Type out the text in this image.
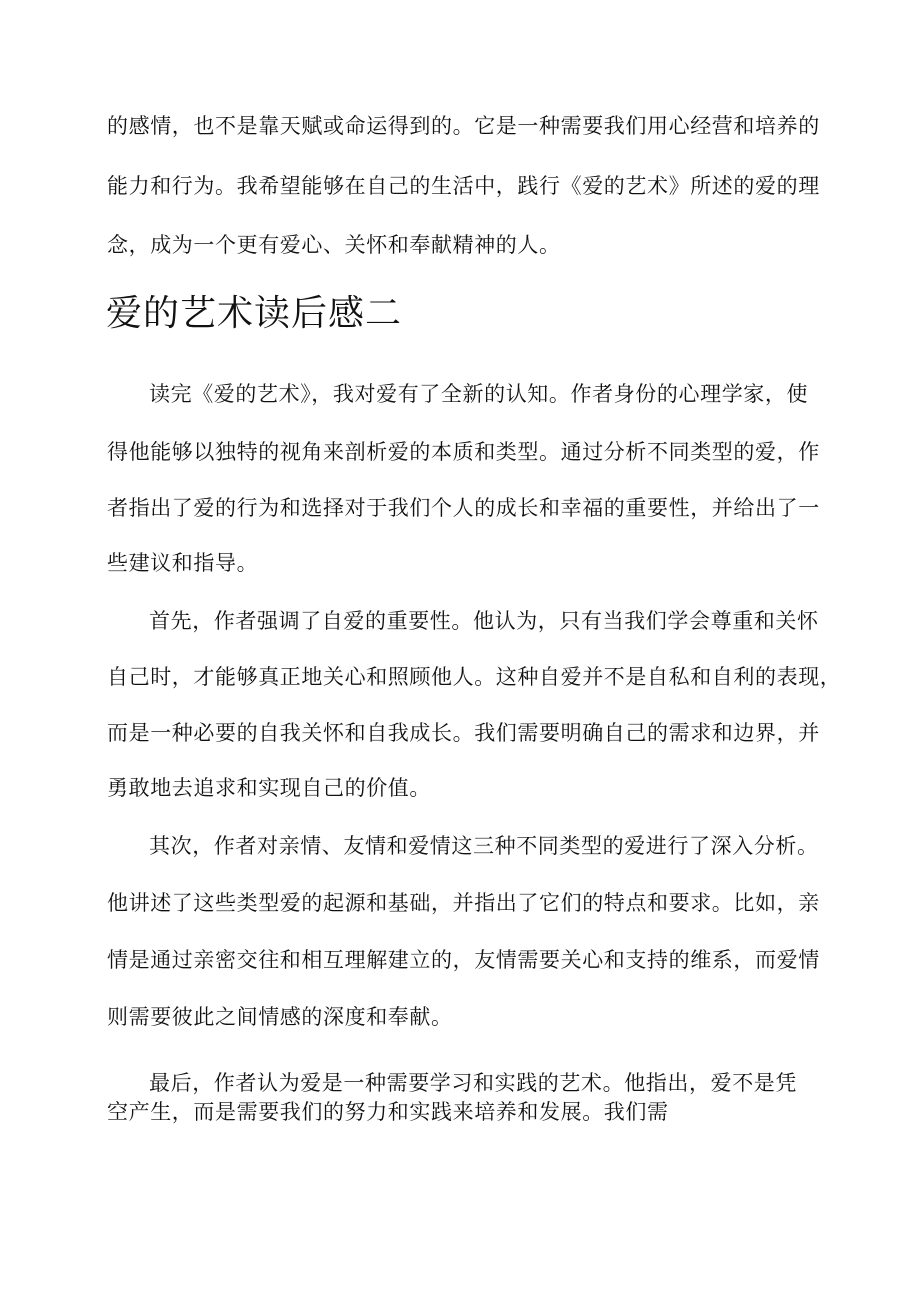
的感情，也不是靠天赋或命运得到的。它是一种需要我们用心经营和培养的

能力和行为。我希望能够在自己的生活中，践行《爱的艺术》所述的爱的理

念，成为一个更有爱心、关怀和奉献精神的人。

爱的艺术读后感二

读完《爱的艺术》，我对爱有了全新的认知。作者身份的心理学家，使

得他能够以独特的视角来剖析爱的本质和类型。通过分析不同类型的爱，作

者指出了爱的行为和选择对于我们个人的成长和幸福的重要性，并给出了一

些建议和指导。

首先，作者强调了自爱的重要性。他认为，只有当我们学会尊重和关怀

自己时，才能够真正地关心和照顾他人。这种自爱并不是自私和自利的表现，

而是一种必要的自我关怀和自我成长。我们需要明确自己的需求和边界，并

勇敢地去追求和实现自己的价值。

其次，作者对亲情、友情和爱情这三种不同类型的爱进行了深入分析。

他讲述了这些类型爱的起源和基础，并指出了它们的特点和要求。比如，亲

情是通过亲密交往和相互理解建立的，友情需要关心和支持的维系，而爱情

则需要彼此之间情感的深度和奉献。

最后，作者认为爱是一种需要学习和实践的艺术。他指出，爱不是凭

空产生，而是需要我们的努力和实践来培养和发展。我们需
